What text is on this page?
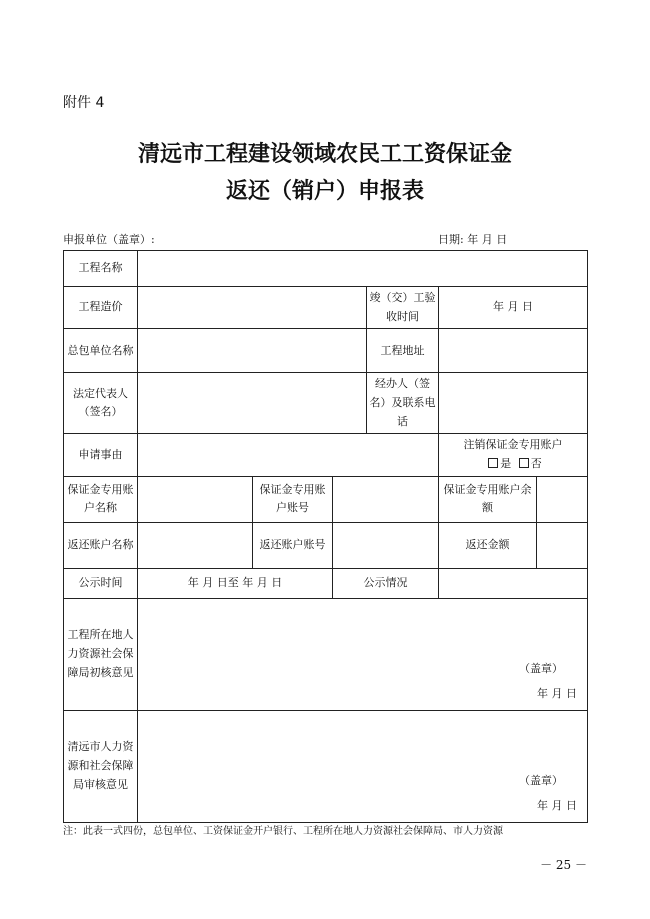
附件 4
清远市工程建设领域农民工工资保证金
返还（销户）申报表
申报单位（盖章）:	日期: 年 月 日
工程名称						
工程造价				竣（交）工验收时间	年 月 日	
总包单位名称				工程地址		
法定代表人（签名）				经办人（签名）及联系电话		
申请事由					注销保证金专用账户
是 否	

保证金专用账户名称		保证金专用账户账号			保证金专用账户余额	
返还账户名称		返还账户账号			返还金额	
公示时间	年 月 日至 年 月 日		公示情况			
工程所在地人力资源社会保障局初核意见	（盖章）
年 月 日					

清远市人力资源和社会保障局审核意见	（盖章）
年 月 日					
注：此表一式四份，总包单位、工资保证金开户银行、工程所在地人力资源社会保障局、市人力资源
－ 25 －
